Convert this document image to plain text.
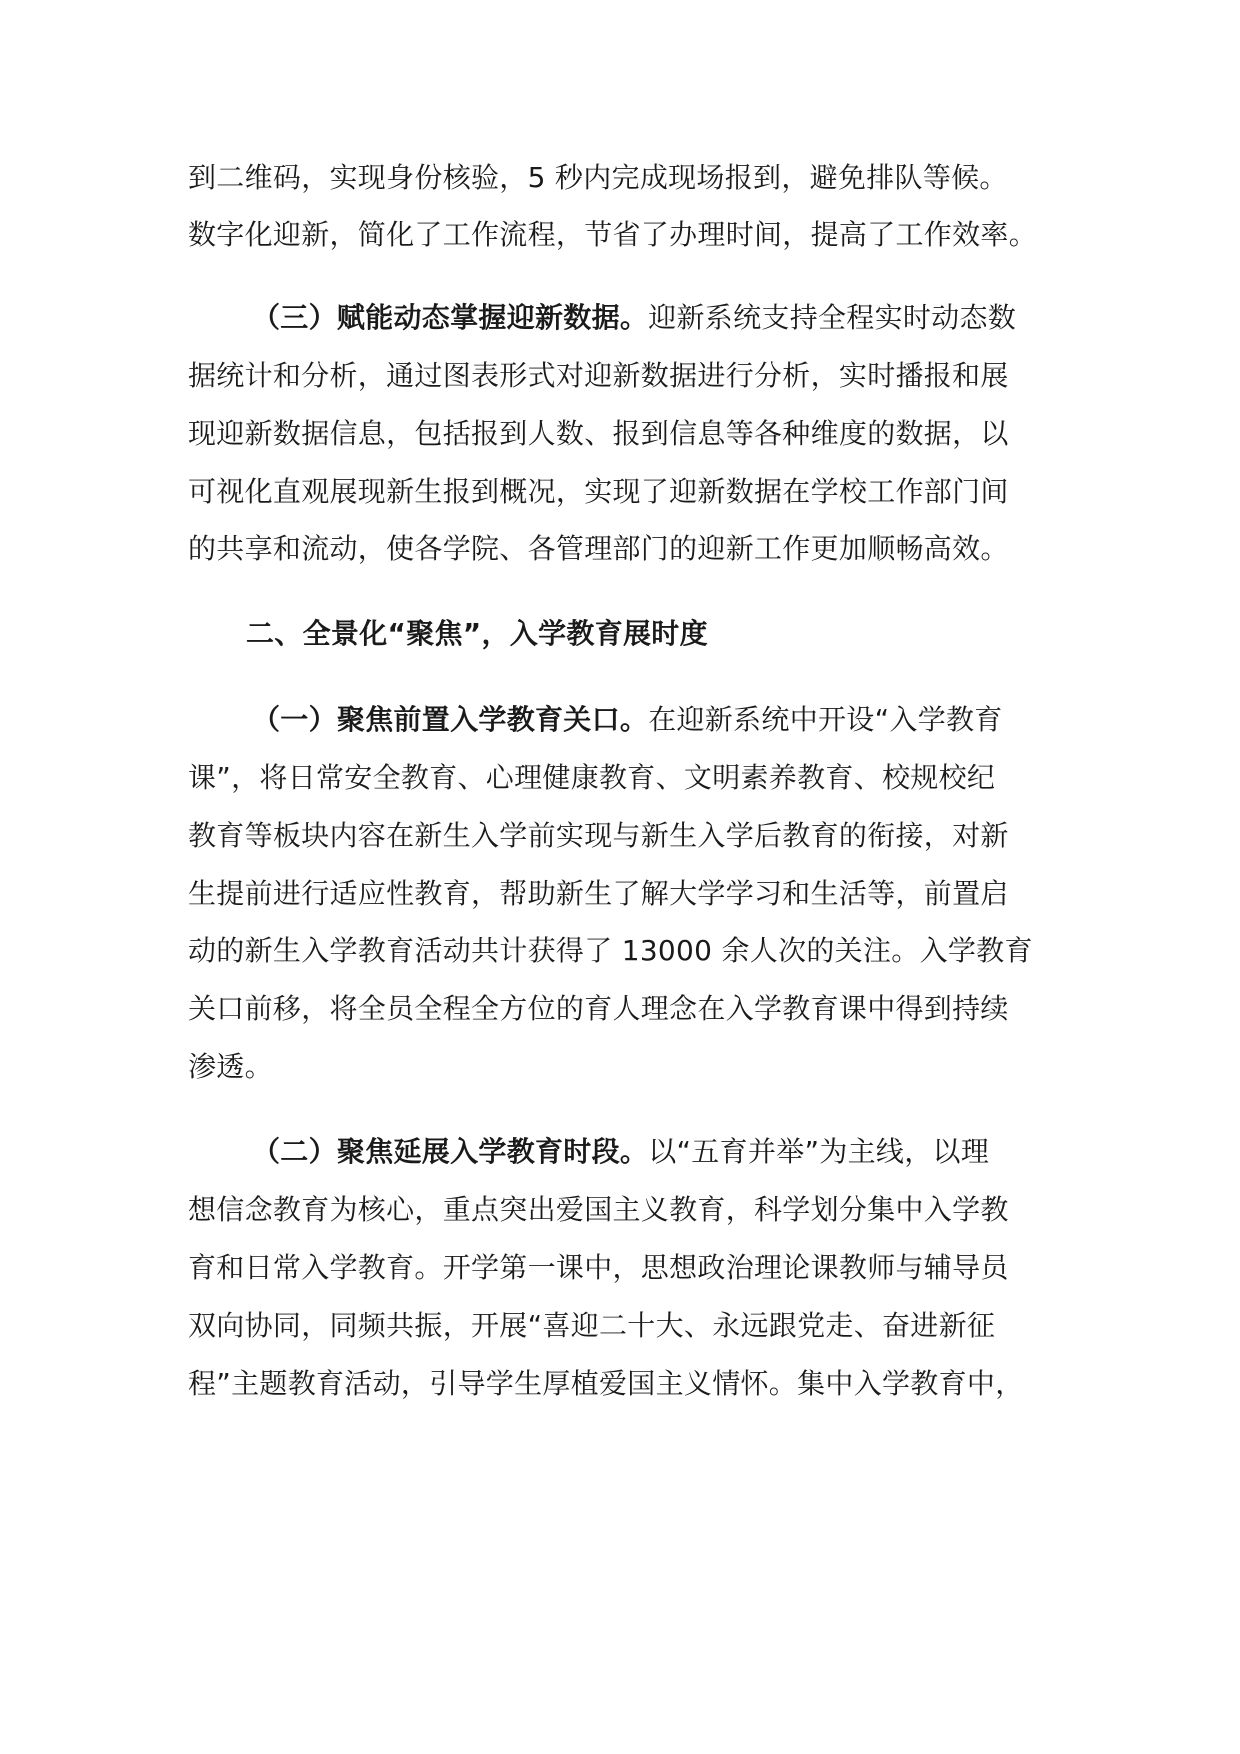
到二维码，实现身份核验，5 秒内完成现场报到，避免排队等候。
数字化迎新，简化了工作流程，节省了办理时间，提高了工作效率。
（三）赋能动态掌握迎新数据。迎新系统支持全程实时动态数
据统计和分析，通过图表形式对迎新数据进行分析，实时播报和展
现迎新数据信息，包括报到人数、报到信息等各种维度的数据，以
可视化直观展现新生报到概况，实现了迎新数据在学校工作部门间
的共享和流动，使各学院、各管理部门的迎新工作更加顺畅高效。
二、全景化“聚焦”，入学教育展时度
（一）聚焦前置入学教育关口。在迎新系统中开设“入学教育
课”，将日常安全教育、心理健康教育、文明素养教育、校规校纪
教育等板块内容在新生入学前实现与新生入学后教育的衔接，对新
生提前进行适应性教育，帮助新生了解大学学习和生活等，前置启
动的新生入学教育活动共计获得了 13000 余人次的关注。入学教育
关口前移，将全员全程全方位的育人理念在入学教育课中得到持续
渗透。
（二）聚焦延展入学教育时段。以“五育并举”为主线，以理
想信念教育为核心，重点突出爱国主义教育，科学划分集中入学教
育和日常入学教育。开学第一课中，思想政治理论课教师与辅导员
双向协同，同频共振，开展“喜迎二十大、永远跟党走、奋进新征
程”主题教育活动，引导学生厚植爱国主义情怀。集中入学教育中，
